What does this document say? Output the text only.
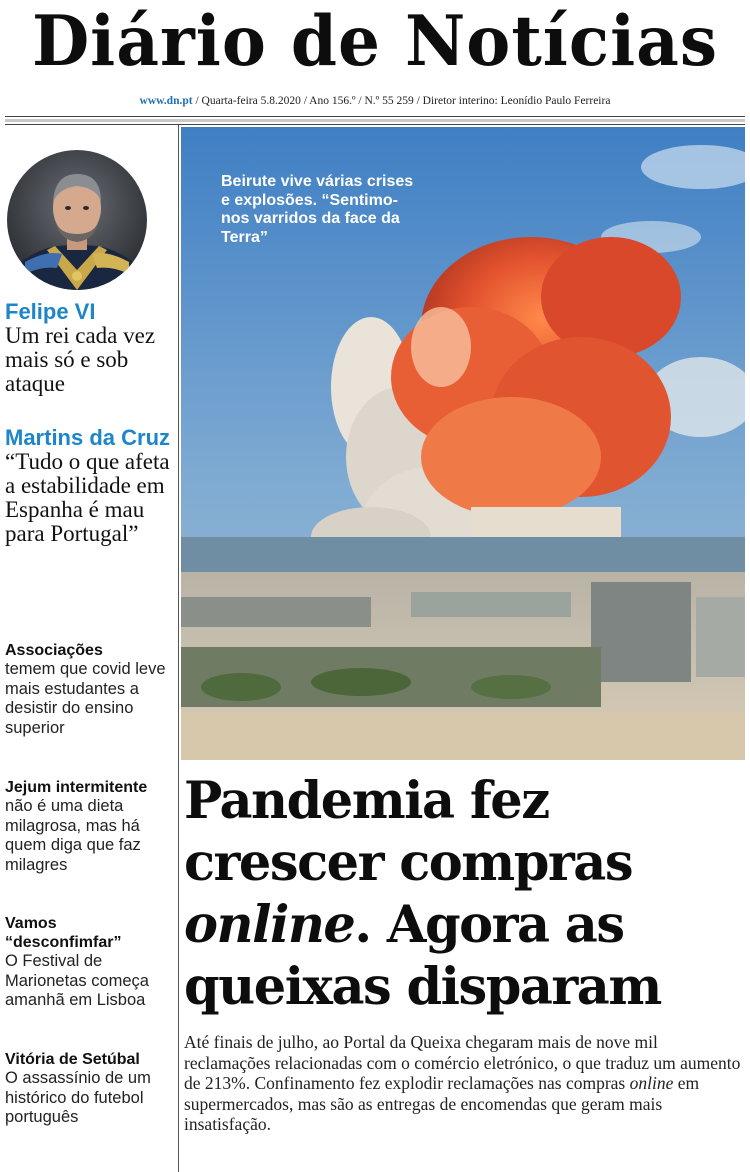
Diário de Notícias
www.dn.pt / Quarta-feira 5.8.2020 / Ano 156.º / N.º 55 259 / Diretor interino: Leonídio Paulo Ferreira
Felipe VI
Um rei cada vez mais só e sob ataque
Martins da Cruz
“Tudo o que afeta a estabilidade em Espanha é mau para Portugal”
Associações
temem que covid leve mais estudantes a desistir do ensino superior
Jejum intermitente
não é uma dieta milagrosa, mas há quem diga que faz milagres
Vamos “desconfimfar”
O Festival de Marionetas começa amanhã em Lisboa
Vitória de Setúbal
O assassínio de um histórico do futebol português
Beirute vive várias crises e explosões. “Sentimo-nos varridos da face da Terra”
Pandemia fez crescer compras online. Agora as queixas disparam
Até finais de julho, ao Portal da Queixa chegaram mais de nove mil reclamações relacionadas com o comércio eletrónico, o que traduz um aumento de 213%. Confinamento fez explodir reclamações nas compras online em supermercados, mas são as entregas de encomendas que geram mais insatisfação.
